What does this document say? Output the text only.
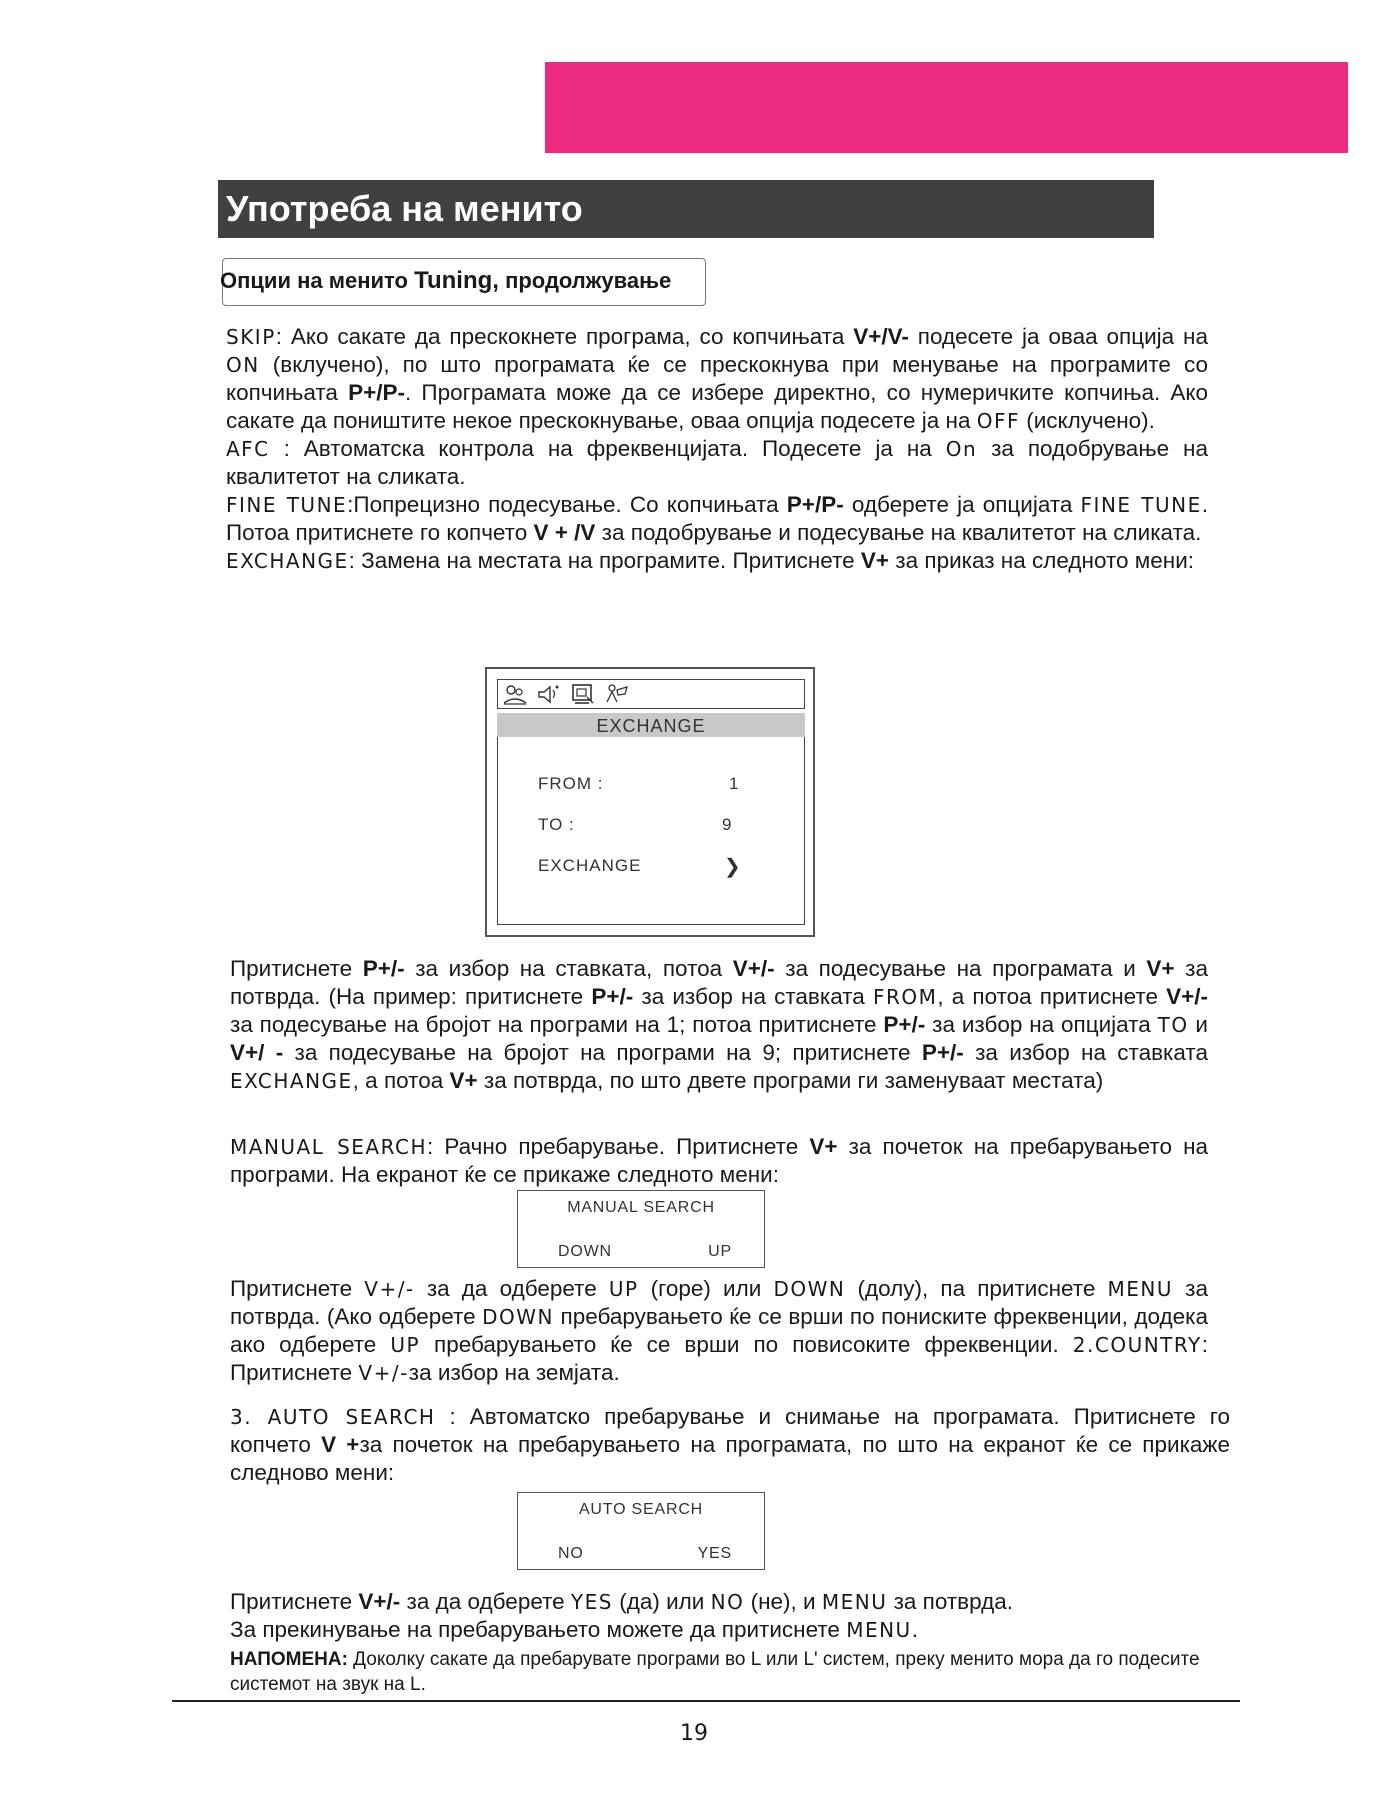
Употреба на менито
Опции на менито Tuning, продолжување
SKIP: Ако сакате да прескокнете програма, со копчињата V+/V- подесете ја оваа опција на ON (вклучено), по што програмата ќе се прескокнува при менување на програмите со копчињата P+/P-. Програмата може да се избере директно, со нумеричките копчиња. Ако сакате да поништите некое прескокнување, оваа опција подесете ја на OFF (исклучено).
AFC : Автоматска контрола на фреквенцијата. Подесете ја на On за подобрување на квалитетот на сликата.
FINE TUNE:Попрецизно подесување. Со копчињата P+/P- одберете ја опцијата FINE TUNE. Потоа притиснете го копчето V + /V за подобрување и подесување на квалитетот на сликата.
EXCHANGE: Замена на местата на програмите. Притиснете V+ за приказ на следното мени:
EXCHANGE
FROM :	1
TO :	9
EXCHANGE	❯
Притиснете P+/- за избор на ставката, потоа V+/- за подесување на програмата и V+ за потврда. (На пример: притиснете P+/- за избор на ставката FROM, а потоа притиснете V+/- за подесување на бројот на програми на 1; потоа притиснете P+/- за избор на опцијата TO и V+/ - за подесување на бројот на програми на 9; притиснете P+/- за избор на ставката EXCHANGE, а потоа V+ за потврда, по што двете програми ги заменуваат местата)
MANUAL SEARCH: Рачно пребарување. Притиснете V+ за почеток на пребарувањето на програми. На екранот ќе се прикаже следното мени:
MANUAL SEARCH
DOWN	UP
Притиснете V+/- за да одберете UP (горе) или DOWN (долу), па притиснете MENU за потврда. (Ако одберете DOWN пребарувањето ќе се врши по пониските фреквенции, додека ако одберете UP пребарувањето ќе се врши по повисоките фреквенции. 2.COUNTRY: Притиснете V+/-за избор на земјата.
3. AUTO SEARCH : Автоматско пребарување и снимање на програмата. Притиснете го копчето V +за почеток на пребарувањето на програмата, по што на екранот ќе се прикаже следново мени:
AUTO SEARCH
NO	YES
Притиснете V+/- за да одберете YES (да) или NO (не), и MENU за потврда.
За прекинување на пребарувањето можете да притиснете MENU.
НАПОМЕНА: Доколку сакате да пребарувате програми во L или L' систем, преку менито мора да го подесите системот на звук на L.
19
